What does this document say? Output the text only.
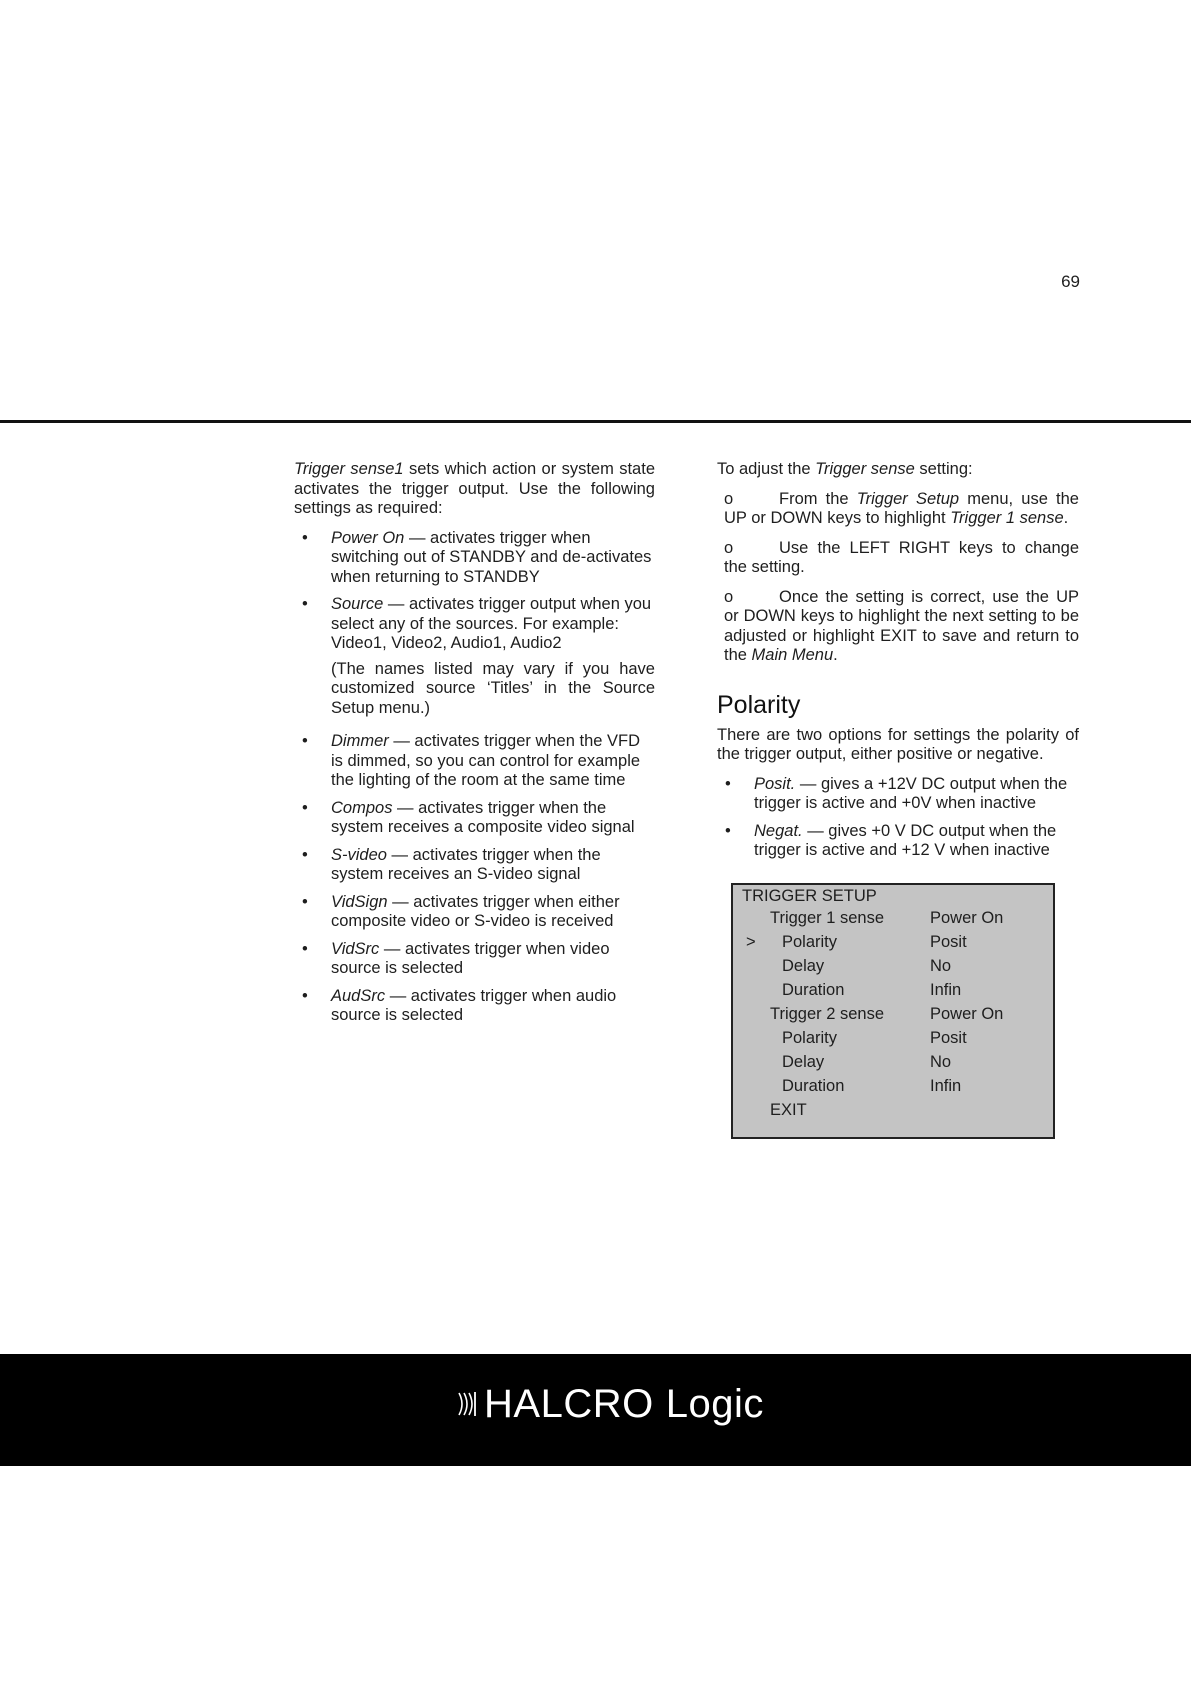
69

Trigger sense1 sets which action or system state activates the trigger output. Use the following settings as required:

• Power On — activates trigger when switching out of STANDBY and de-activates when returning to STANDBY
• Source — activates trigger output when you select any of the sources. For example: Video1, Video2, Audio1, Audio2

(The names listed may vary if you have customized source ‘Titles’ in the Source Setup menu.)

• Dimmer — activates trigger when the VFD is dimmed, so you can control for example the lighting of the room at the same time
• Compos — activates trigger when the system receives a composite video signal
• S-video — activates trigger when the system receives an S-video signal
• VidSign — activates trigger when either composite video or S-video is received
• VidSrc — activates trigger when video source is selected
• AudSrc — activates trigger when audio source is selected

To adjust the Trigger sense setting:

o	From the Trigger Setup menu, use the UP or DOWN keys to highlight Trigger 1 sense.
o	Use the LEFT RIGHT keys to change the setting.
o	Once the setting is correct, use the UP or DOWN keys to highlight the next setting to be adjusted or highlight EXIT to save and return to the Main Menu.
Polarity

There are two options for settings the polarity of the trigger output, either positive or negative.

• Posit. — gives a +12V DC output when the trigger is active and +0V when inactive
• Negat. — gives +0 V DC output when the trigger is active and +12 V when inactive
TRIGGER SETUP
Trigger 1 sense	Power On
> Polarity	Posit
Delay	No
Duration	Infin
Trigger 2 sense	Power On
Polarity	Posit
Delay	No
Duration	Infin
EXIT
HALCRO Logic
